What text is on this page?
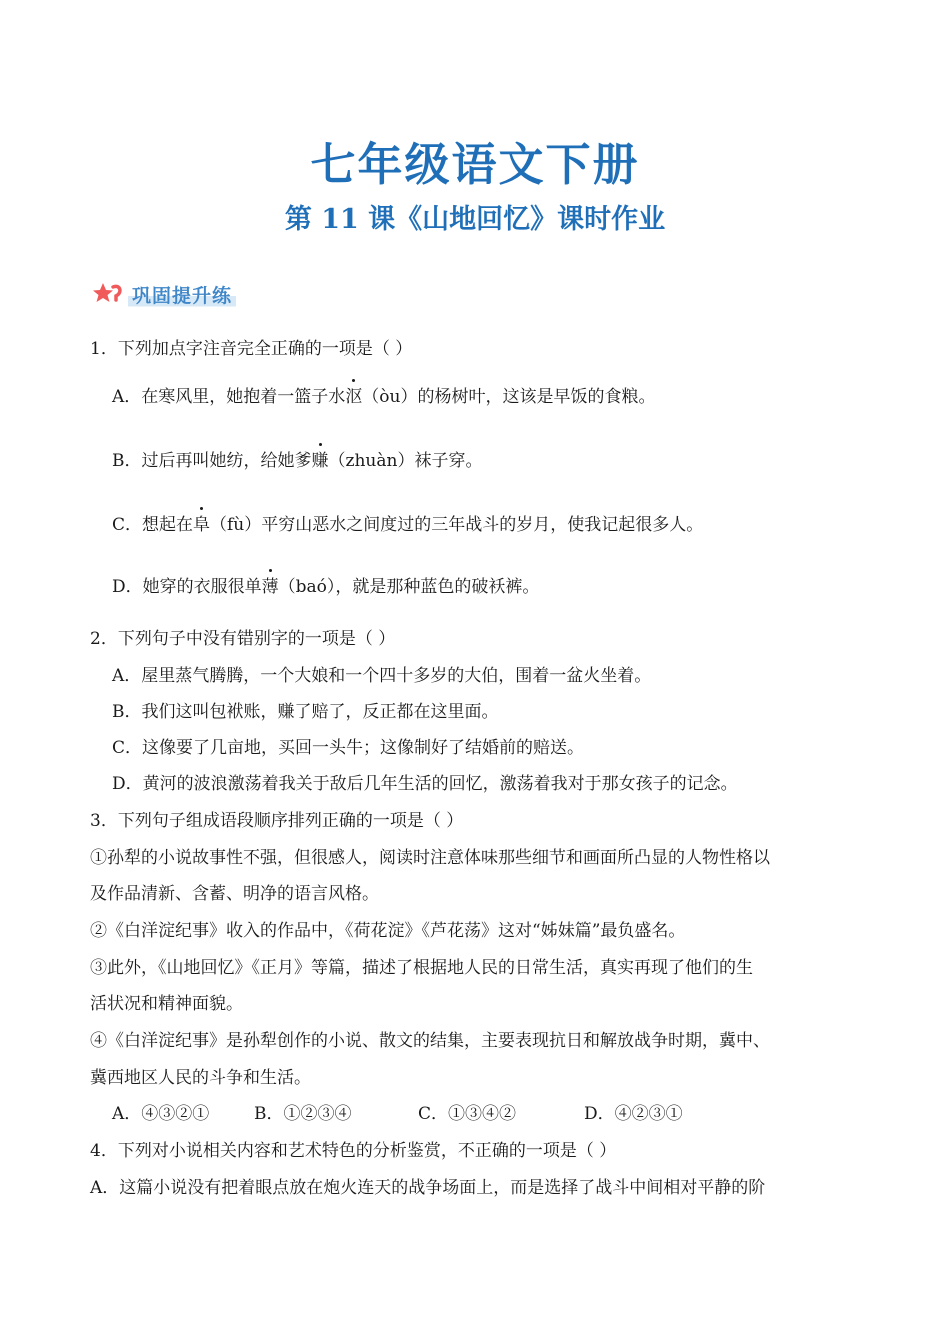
七年级语文下册
第 11 课《山地回忆》课时作业
巩固提升练
1．下列加点字注音完全正确的一项是（ ）
A．在寒风里，她抱着一篮子水沤（òu）的杨树叶，这该是早饭的食粮。
B．过后再叫她纺，给她爹赚（zhuàn）袜子穿。
C．想起在阜（fù）平穷山恶水之间度过的三年战斗的岁月，使我记起很多人。
D．她穿的衣服很单薄（baó），就是那种蓝色的破袄裤。
2．下列句子中没有错别字的一项是（ ）
A．屋里蒸气腾腾，一个大娘和一个四十多岁的大伯，围着一盆火坐着。
B．我们这叫包袱账，赚了赔了，反正都在这里面。
C．这像要了几亩地，买回一头牛；这像制好了结婚前的赔送。
D．黄河的波浪激荡着我关于敌后几年生活的回忆，激荡着我对于那女孩子的记念。
3．下列句子组成语段顺序排列正确的一项是（ ）
①孙犁的小说故事性不强，但很感人，阅读时注意体味那些细节和画面所凸显的人物性格以
及作品清新、含蓄、明净的语言风格。
②《白洋淀纪事》收入的作品中，《荷花淀》《芦花荡》这对“姊妹篇”最负盛名。
③此外，《山地回忆》《正月》等篇，描述了根据地人民的日常生活，真实再现了他们的生
活状况和精神面貌。
④《白洋淀纪事》是孙犁创作的小说、散文的结集，主要表现抗日和解放战争时期，冀中、
冀西地区人民的斗争和生活。
A．④③②①	B．①②③④	C．①③④②	D．④②③①
4．下列对小说相关内容和艺术特色的分析鉴赏，不正确的一项是（ ）
A．这篇小说没有把着眼点放在炮火连天的战争场面上，而是选择了战斗中间相对平静的阶
